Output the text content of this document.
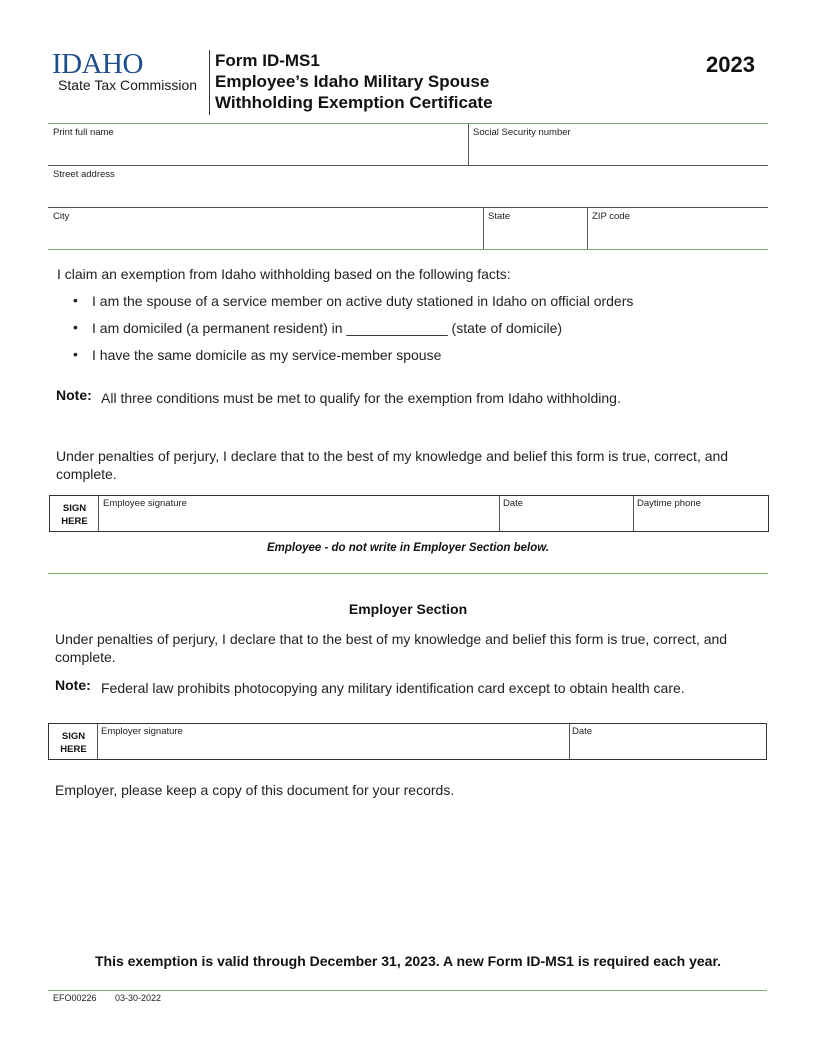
IDAHO
State Tax Commission
Form ID-MS1
Employee’s Idaho Military Spouse
Withholding Exemption Certificate
2023
Print full name	Social Security number
Street address
City	State	ZIP code
I claim an exemption from Idaho withholding based on the following facts:
• I am the spouse of a service member on active duty stationed in Idaho on official orders
• I am domiciled (a permanent resident) in _____________ (state of domicile)
• I have the same domicile as my service-member spouse
Note: All three conditions must be met to qualify for the exemption from Idaho withholding.
Under penalties of perjury, I declare that to the best of my knowledge and belief this form is true, correct, and complete.
SIGN
HERE
Employee signature	Date	Daytime phone
Employee - do not write in Employer Section below.
Employer Section
Under penalties of perjury, I declare that to the best of my knowledge and belief this form is true, correct, and complete.
Note: Federal law prohibits photocopying any military identification card except to obtain health care.
SIGN
HERE
Employer signature	Date
Employer, please keep a copy of this document for your records.
This exemption is valid through December 31, 2023. A new Form ID-MS1 is required each year.
EFO00226 03-30-2022
